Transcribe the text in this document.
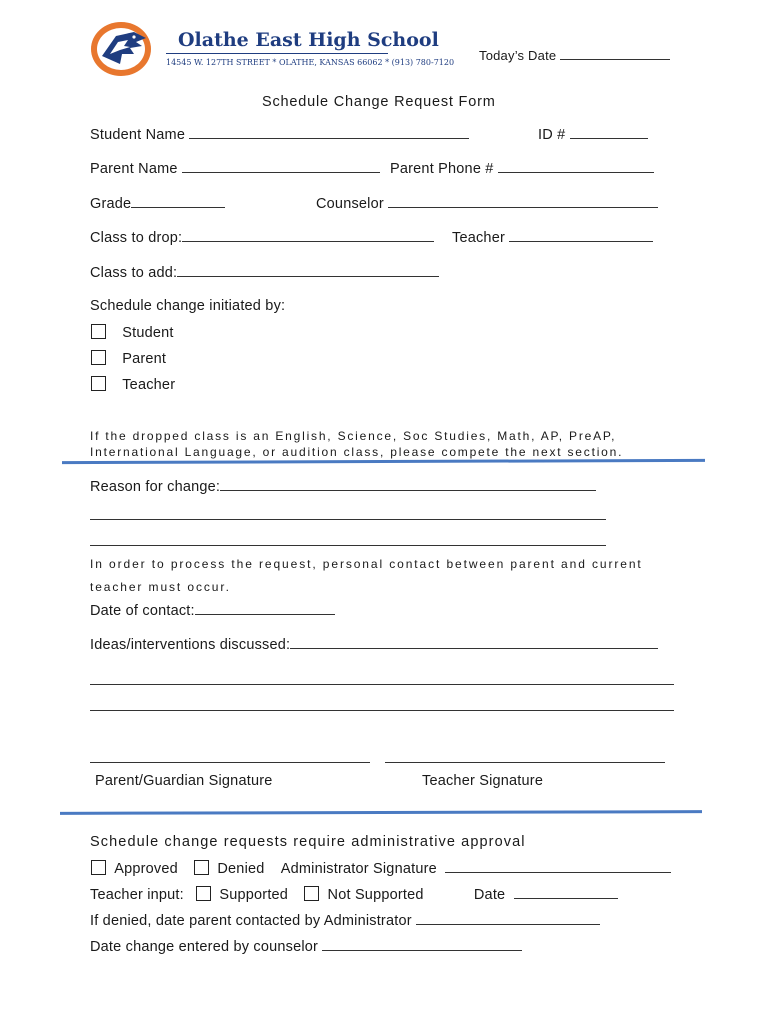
Olathe East High School
14545 W. 127TH STREET * OLATHE, KANSAS 66062 * (913) 780-7120 Today’s Date
Schedule Change Request Form
Student Name	ID #
Parent Name	Parent Phone #
Grade	Counselor
Class to drop:	Teacher
Class to add:
Schedule change initiated by:
Student
Parent
Teacher
If the dropped class is an English, Science, Soc Studies, Math, AP, PreAP,
International Language, or audition class, please compete the next section.
Reason for change:
In order to process the request, personal contact between parent and current
teacher must occur.
Date of contact:
Ideas/interventions discussed:
Parent/Guardian Signature	Teacher Signature
Schedule change requests require administrative approval
Approved	Denied Administrator Signature
Teacher input: Supported	Not Supported	Date
If denied, date parent contacted by Administrator
Date change entered by counselor
